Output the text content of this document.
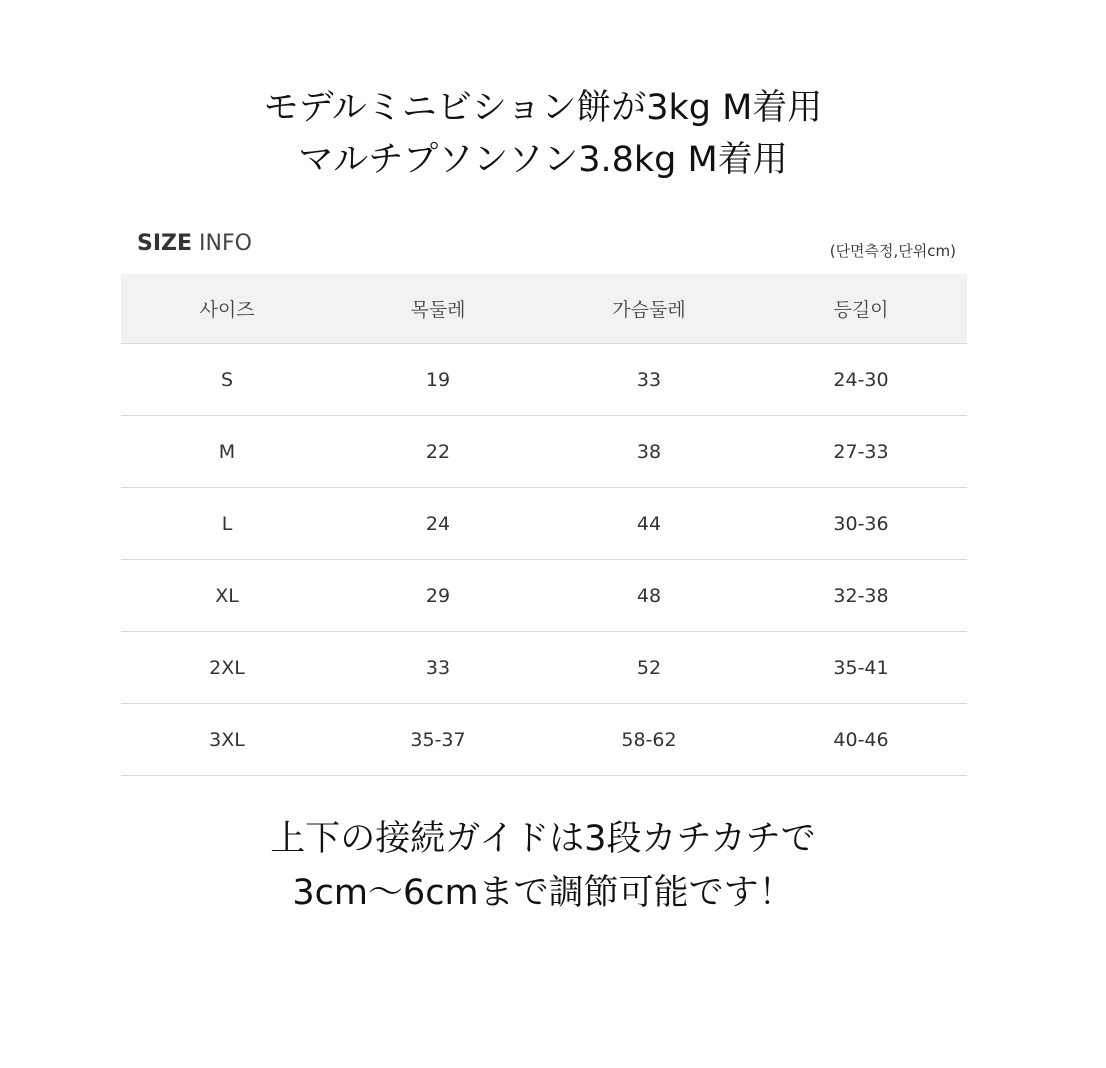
モデルミニビション餅が3kg M着用
マルチプソンソン3.8kg M着用
SIZE INFO	(단면측정,단위cm)
사이즈	목둘레	가슴둘레	등길이
S	19	33	24-30
M	22	38	27-33
L	24	44	30-36
XL	29	48	32-38
2XL	33	52	35-41
3XL	35-37	58-62	40-46
上下の接続ガイドは3段カチカチで
3cm〜6cmまで調節可能です！
